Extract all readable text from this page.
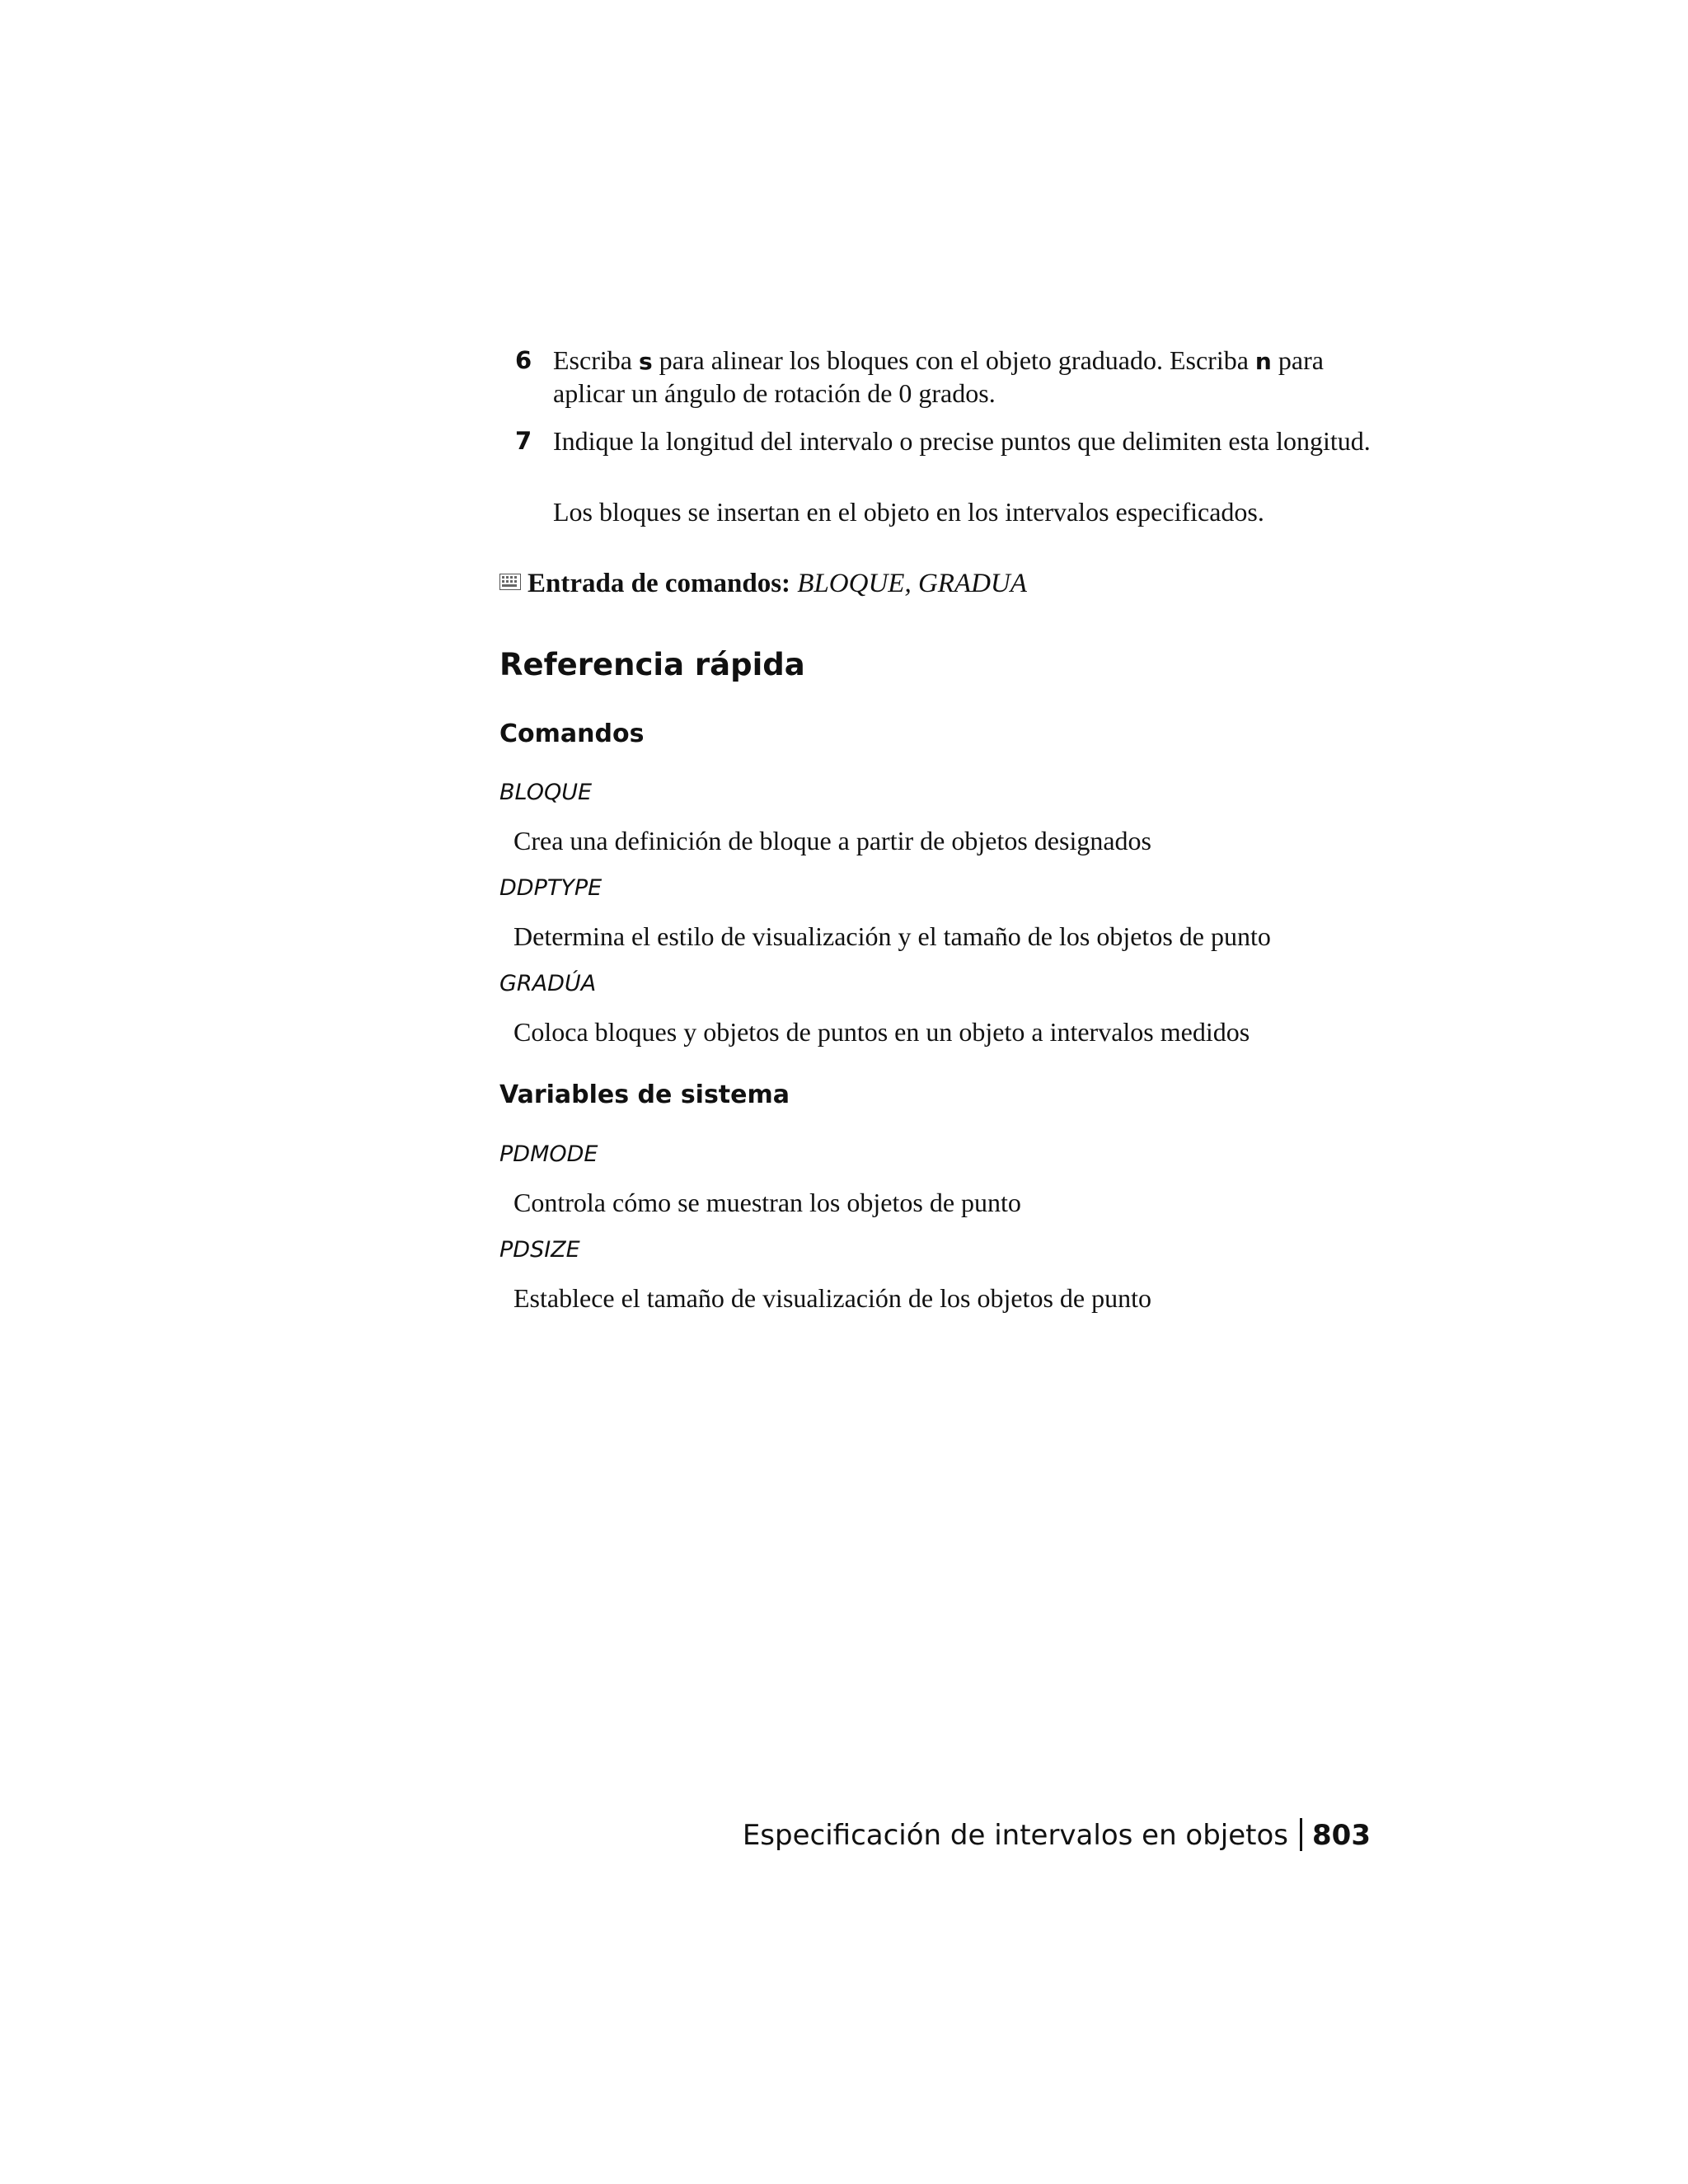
6 Escriba s para alinear los bloques con el objeto graduado. Escriba n para aplicar un ángulo de rotación de 0 grados.
7 Indique la longitud del intervalo o precise puntos que delimiten esta longitud.
Los bloques se insertan en el objeto en los intervalos especificados.
Entrada de comandos: BLOQUE, GRADUA
Referencia rápida
Comandos
BLOQUE
Crea una definición de bloque a partir de objetos designados
DDPTYPE
Determina el estilo de visualización y el tamaño de los objetos de punto
GRADÚA
Coloca bloques y objetos de puntos en un objeto a intervalos medidos
Variables de sistema
PDMODE
Controla cómo se muestran los objetos de punto
PDSIZE
Establece el tamaño de visualización de los objetos de punto
Especificación de intervalos en objetos 803
